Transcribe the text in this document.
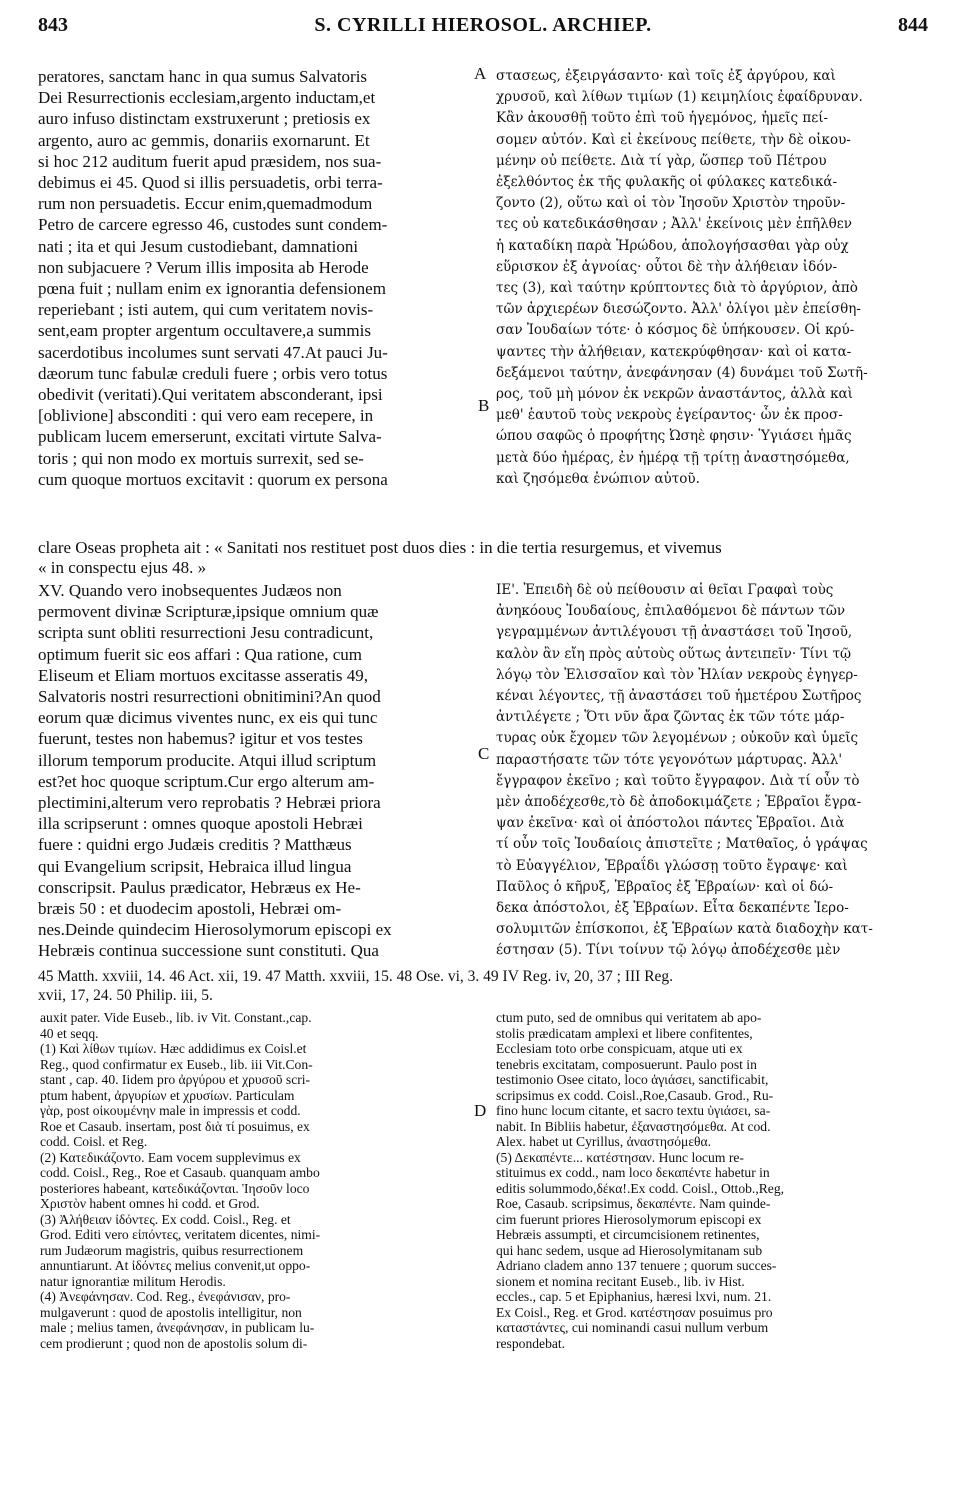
843	S. CYRILLI HIEROSOL. ARCHIEP.	844
A
B
C
D
peratores, sanctam hanc in qua sumus Salvatoris
Dei Resurrectionis ecclesiam,argento inductam,et
auro infuso distinctam exstruxerunt ; pretiosis ex
argento, auro ac gemmis, donariis exornarunt. Et
si hoc 212 auditum fuerit apud præsidem, nos sua-
debimus ei 45. Quod si illis persuadetis, orbi terra-
rum non persuadetis. Eccur enim,quemadmodum
Petro de carcere egresso 46, custodes sunt condem-
nati ; ita et qui Jesum custodiebant, damnationi
non subjacuere ? Verum illis imposita ab Herode
pœna fuit ; nullam enim ex ignorantia defensionem
reperiebant ; isti autem, qui cum veritatem novis-
sent,eam propter argentum occultavere,a summis
sacerdotibus incolumes sunt servati 47.At pauci Ju-
dæorum tunc fabulæ creduli fuere ; orbis vero totus
obedivit (veritati).Qui veritatem absconderant, ipsi
[oblivione] absconditi : qui vero eam recepere, in
publicam lucem emerserunt, excitati virtute Salva-
toris ; qui non modo ex mortuis surrexit, sed se-
cum quoque mortuos excitavit : quorum ex persona
στασεως, ἐξειργάσαντο· καὶ τοῖς ἐξ ἀργύρου, καὶ
χρυσοῦ, καὶ λίθων τιμίων (1) κειμηλίοις ἐφαίδρυναν.
Κἂν ἀκουσθῇ τοῦτο ἐπὶ τοῦ ἡγεμόνος, ἡμεῖς πεί-
σομεν αὐτόν. Καὶ εἰ ἐκείνους πείθετε, τὴν δὲ οἰκου-
μένην οὐ πείθετε. Διὰ τί γὰρ, ὥσπερ τοῦ Πέτρου
ἐξελθόντος ἐκ τῆς φυλακῆς οἱ φύλακες κατεδικά-
ζοντο (2), οὕτω καὶ οἱ τὸν Ἰησοῦν Χριστὸν τηροῦν-
τες οὐ κατεδικάσθησαν ; Ἀλλ' ἐκείνοις μὲν ἐπῆλθεν
ἡ καταδίκη παρὰ Ἡρώδου, ἀπολογήσασθαι γὰρ οὐχ
εὕρισκον ἐξ ἀγνοίας· οὗτοι δὲ τὴν ἀλήθειαν ἰδόν-
τες (3), καὶ ταύτην κρύπτοντες διὰ τὸ ἀργύριον, ἀπὸ
τῶν ἀρχιερέων διεσώζοντο. Ἀλλ' ὀλίγοι μὲν ἐπείσθη-
σαν Ἰουδαίων τότε· ὁ κόσμος δὲ ὑπήκουσεν. Οἱ κρύ-
ψαντες τὴν ἀλήθειαν, κατεκρύφθησαν· καὶ οἱ κατα-
δεξάμενοι ταύτην, ἀνεφάνησαν (4) δυνάμει τοῦ Σωτῆ-
ρος, τοῦ μὴ μόνον ἐκ νεκρῶν ἀναστάντος, ἀλλὰ καὶ
μεθ' ἑαυτοῦ τοὺς νεκροὺς ἐγείραντος· ὧν ἐκ προσ-
ώπου σαφῶς ὁ προφήτης Ὠσηὲ φησιν· Ὑγιάσει ἡμᾶς
μετὰ δύο ἡμέρας, ἐν ἡμέρᾳ τῇ τρίτῃ ἀναστησόμεθα,
καὶ ζησόμεθα ἐνώπιον αὐτοῦ.
clare Oseas propheta ait : « Sanitati nos restituet post duos dies : in die tertia resurgemus, et vivemus
« in conspectu ejus 48. »
XV. Quando vero inobsequentes Judæos non
permovent divinæ Scripturæ,ipsique omnium quæ
scripta sunt obliti resurrectioni Jesu contradicunt,
optimum fuerit sic eos affari : Qua ratione, cum
Eliseum et Eliam mortuos excitasse asseratis 49,
Salvatoris nostri resurrectioni obnitimini?An quod
eorum quæ dicimus viventes nunc, ex eis qui tunc
fuerunt, testes non habemus? igitur et vos testes
illorum temporum producite. Atqui illud scriptum
est?et hoc quoque scriptum.Cur ergo alterum am-
plectimini,alterum vero reprobatis ? Hebræi priora
illa scripserunt : omnes quoque apostoli Hebræi
fuere : quidni ergo Judæis creditis ? Matthæus
qui Evangelium scripsit, Hebraica illud lingua
conscripsit. Paulus prædicator, Hebræus ex He-
bræis 50 : et duodecim apostoli, Hebræi om-
nes.Deinde quindecim Hierosolymorum episcopi ex
Hebræis continua successione sunt constituti. Qua
ΙΕ'. Ἐπειδὴ δὲ οὐ πείθουσιν αἱ θεῖαι Γραφαὶ τοὺς
ἀνηκόους Ἰουδαίους, ἐπιλαθόμενοι δὲ πάντων τῶν
γεγραμμένων ἀντιλέγουσι τῇ ἀναστάσει τοῦ Ἰησοῦ,
καλὸν ἂν εἴη πρὸς αὐτοὺς οὕτως ἀντειπεῖν· Τίνι τῷ
λόγῳ τὸν Ἐλισσαῖον καὶ τὸν Ἠλίαν νεκροὺς ἐγηγερ-
κέναι λέγοντες, τῇ ἀναστάσει τοῦ ἡμετέρου Σωτῆρος
ἀντιλέγετε ; Ὅτι νῦν ἄρα ζῶντας ἐκ τῶν τότε μάρ-
τυρας οὐκ ἔχομεν τῶν λεγομένων ; οὐκοῦν καὶ ὑμεῖς
παραστήσατε τῶν τότε γεγονότων μάρτυρας. Ἀλλ'
ἔγγραφον ἐκεῖνο ; καὶ τοῦτο ἔγγραφον. Διὰ τί οὖν τὸ
μὲν ἀποδέχεσθε,τὸ δὲ ἀποδοκιμάζετε ; Ἑβραῖοι ἔγρα-
ψαν ἐκεῖνα· καὶ οἱ ἀπόστολοι πάντες Ἑβραῖοι. Διὰ
τί οὖν τοῖς Ἰουδαίοις ἀπιστεῖτε ; Ματθαῖος, ὁ γράψας
τὸ Εὐαγγέλιον, Ἑβραΐδι γλώσσῃ τοῦτο ἔγραψε· καὶ
Παῦλος ὁ κῆρυξ, Ἑβραῖος ἐξ Ἑβραίων· καὶ οἱ δώ-
δεκα ἀπόστολοι, ἐξ Ἑβραίων. Εἶτα δεκαπέντε Ἱερο-
σολυμιτῶν ἐπίσκοποι, ἐξ Ἑβραίων κατὰ διαδοχὴν κατ-
έστησαν (5). Τίνι τοίνυν τῷ λόγῳ ἀποδέχεσθε μὲν
45 Matth. xxviii, 14. 46 Act. xii, 19. 47 Matth. xxviii, 15. 48 Ose. vi, 3. 49 IV Reg. iv, 20, 37 ; III Reg.
xvii, 17, 24. 50 Philip. iii, 5.
auxit pater. Vide Euseb., lib. iv Vit. Constant.,cap.
40 et seqq.
(1) Καὶ λίθων τιμίων. Hæc addidimus ex Coisl.et
Reg., quod confirmatur ex Euseb., lib. iii Vit.Con-
stant , cap. 40. Iidem pro ἀργύρου et χρυσοῦ scri-
ptum habent, ἀργυρίων et χρυσίων. Particulam
γὰρ, post οἰκουμένην male in impressis et codd.
Roe et Casaub. insertam, post διὰ τί posuimus, ex
codd. Coisl. et Reg.
(2) Κατεδικάζοντο. Eam vocem supplevimus ex
codd. Coisl., Reg., Roe et Casaub. quanquam ambo
posteriores habeant, κατεδικάζονται. Ἰησοῦν loco
Χριστὸν habent omnes hi codd. et Grod.
(3) Ἀλήθειαν ἰδόντες. Ex codd. Coisl., Reg. et
Grod. Editi vero εἰπόντες, veritatem dicentes, nimi-
rum Judæorum magistris, quibus resurrectionem
annuntiarunt. At ἰδόντες melius convenit,ut oppo-
natur ignorantiæ militum Herodis.
(4) Ἀνεφάνησαν. Cod. Reg., ἐνεφάνισαν, pro-
mulgaverunt : quod de apostolis intelligitur, non
male ; melius tamen, ἀνεφάνησαν, in publicam lu-
cem prodierunt ; quod non de apostolis solum di-
ctum puto, sed de omnibus qui veritatem ab apo-
stolis prædicatam amplexi et libere confitentes,
Ecclesiam toto orbe conspicuam, atque uti ex
tenebris excitatam, composuerunt. Paulo post in
testimonio Osee citato, loco ἁγιάσει, sanctificabit,
scripsimus ex codd. Coisl.,Roe,Casaub. Grod., Ru-
fino hunc locum citante, et sacro textu ὑγιάσει, sa-
nabit. In Bibliis habetur, ἐξαναστησόμεθα. At cod.
Alex. habet ut Cyrillus, ἀναστησόμεθα.
(5) Δεκαπέντε... κατέστησαν. Hunc locum re-
stituimus ex codd., nam loco δεκαπέντε habetur in
editis solummodo,δέκα!.Ex codd. Coisl., Ottob.,Reg,
Roe, Casaub. scripsimus, δεκαπέντε. Nam quinde-
cim fuerunt priores Hierosolymorum episcopi ex
Hebræis assumpti, et circumcisionem retinentes,
qui hanc sedem, usque ad Hierosolymitanam sub
Adriano cladem anno 137 tenuere ; quorum succes-
sionem et nomina recitant Euseb., lib. iv Hist.
eccles., cap. 5 et Epiphanius, hæresi lxvi, num. 21.
Ex Coisl., Reg. et Grod. κατέστησαν posuimus pro
καταστάντες, cui nominandi casui nullum verbum
respondebat.
